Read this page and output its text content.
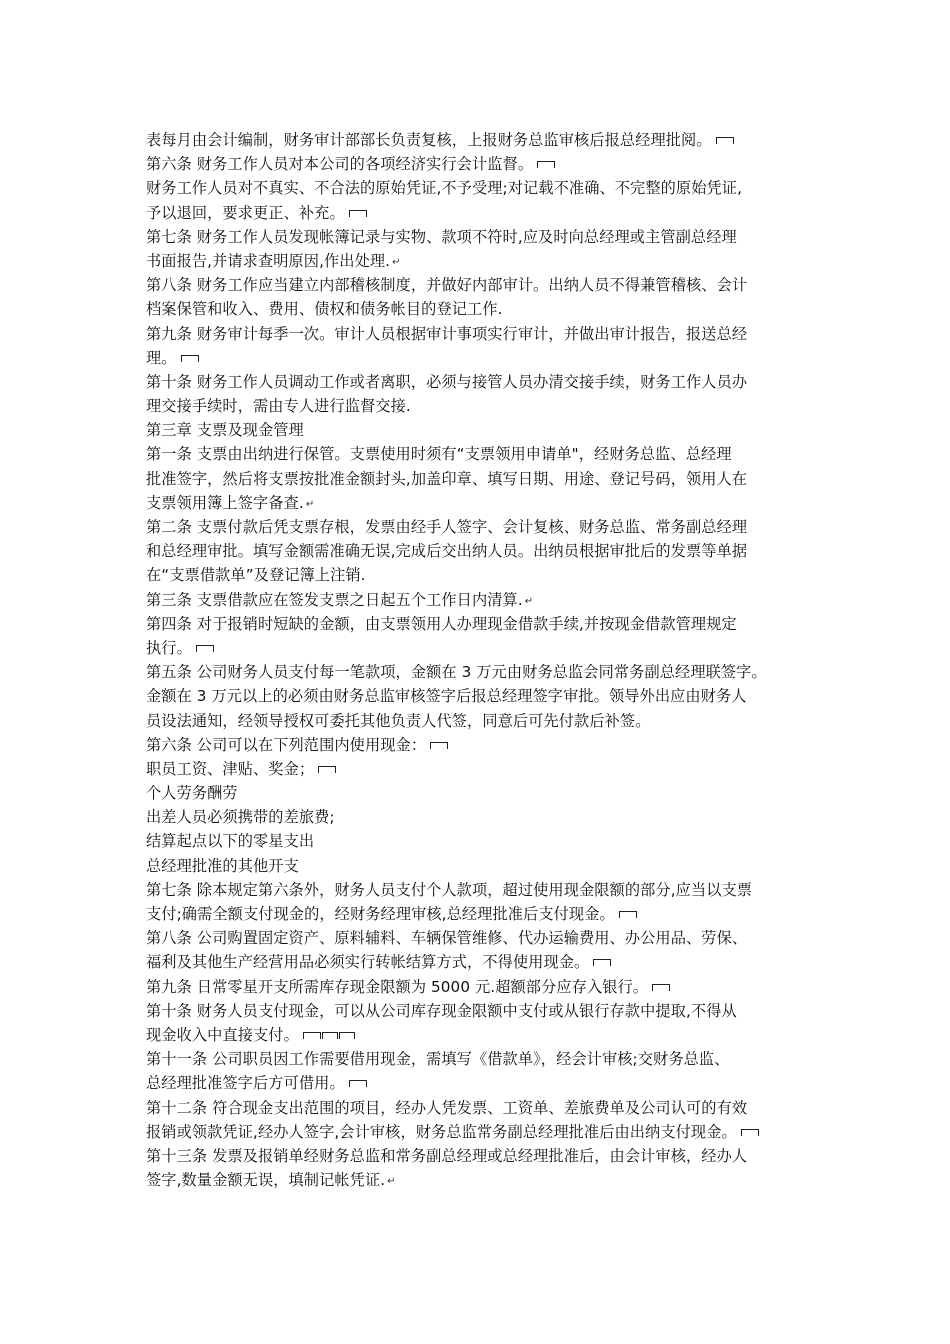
表每月由会计编制，财务审计部部长负责复核，上报财务总监审核后报总经理批阅。
第六条 财务工作人员对本公司的各项经济实行会计监督。
财务工作人员对不真实、不合法的原始凭证,不予受理;对记载不准确、不完整的原始凭证,
予以退回，要求更正、补充。
第七条 财务工作人员发现帐簿记录与实物、款项不符时,应及时向总经理或主管副总经理
书面报告,并请求查明原因,作出处理. ↵
第八条 财务工作应当建立内部稽核制度，并做好内部审计。出纳人员不得兼管稽核、会计
档案保管和收入、费用、债权和债务帐目的登记工作.
第九条 财务审计每季一次。审计人员根据审计事项实行审计，并做出审计报告，报送总经
理。
第十条 财务工作人员调动工作或者离职，必须与接管人员办清交接手续，财务工作人员办
理交接手续时，需由专人进行监督交接.
第三章 支票及现金管理
第一条 支票由出纳进行保管。支票使用时须有“支票领用申请单"，经财务总监、总经理
批准签字，然后将支票按批准金额封头,加盖印章、填写日期、用途、登记号码，领用人在
支票领用簿上签字备查. ↵
第二条 支票付款后凭支票存根，发票由经手人签字、会计复核、财务总监、常务副总经理
和总经理审批。填写金额需准确无误,完成后交出纳人员。出纳员根据审批后的发票等单据
在“支票借款单”及登记簿上注销.
第三条 支票借款应在签发支票之日起五个工作日内清算. ↵
第四条 对于报销时短缺的金额，由支票领用人办理现金借款手续,并按现金借款管理规定
执行。
第五条 公司财务人员支付每一笔款项，金额在 3 万元由财务总监会同常务副总经理联签字。
金额在 3 万元以上的必须由财务总监审核签字后报总经理签字审批。领导外出应由财务人
员设法通知，经领导授权可委托其他负责人代签，同意后可先付款后补签。
第六条 公司可以在下列范围内使用现金：
职员工资、津贴、奖金；
个人劳务酬劳
出差人员必须携带的差旅费;
结算起点以下的零星支出
总经理批准的其他开支
第七条 除本规定第六条外，财务人员支付个人款项，超过使用现金限额的部分,应当以支票
支付;确需全额支付现金的，经财务经理审核,总经理批准后支付现金。
第八条 公司购置固定资产、原料辅料、车辆保管维修、代办运输费用、办公用品、劳保、
福利及其他生产经营用品必须实行转帐结算方式，不得使用现金。
第九条 日常零星开支所需库存现金限额为 5000 元.超额部分应存入银行。
第十条 财务人员支付现金，可以从公司库存现金限额中支付或从银行存款中提取,不得从
现金收入中直接支付。
第十一条 公司职员因工作需要借用现金，需填写《借款单》，经会计审核;交财务总监、
总经理批准签字后方可借用。
第十二条 符合现金支出范围的项目，经办人凭发票、工资单、差旅费单及公司认可的有效
报销或领款凭证,经办人签字,会计审核，财务总监常务副总经理批准后由出纳支付现金。
第十三条 发票及报销单经财务总监和常务副总经理或总经理批准后，由会计审核，经办人
签字,数量金额无误，填制记帐凭证. ↵
